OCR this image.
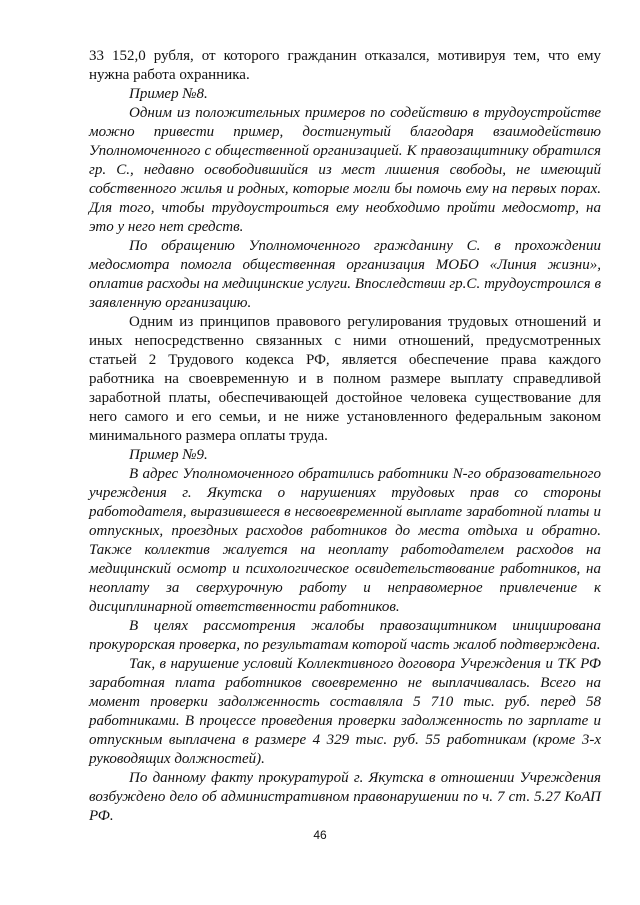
33 152,0 рубля, от которого гражданин отказался, мотивируя тем, что ему нужна работа охранника.

Пример №8.

Одним из положительных примеров по содействию в трудоустройстве можно привести пример, достигнутый благодаря взаимодействию Уполномоченного с общественной организацией. К правозащитнику обратился гр. С., недавно освободившийся из мест лишения свободы, не имеющий собственного жилья и родных, которые могли бы помочь ему на первых порах. Для того, чтобы трудоустроиться ему необходимо пройти медосмотр, на это у него нет средств.

По обращению Уполномоченного гражданину С. в прохождении медосмотра помогла общественная организация МОБО «Линия жизни», оплатив расходы на медицинские услуги. Впоследствии гр.С. трудоустроился в заявленную организацию.

Одним из принципов правового регулирования трудовых отношений и иных непосредственно связанных с ними отношений, предусмотренных статьей 2 Трудового кодекса РФ, является обеспечение права каждого работника на своевременную и в полном размере выплату справедливой заработной платы, обеспечивающей достойное человека существование для него самого и его семьи, и не ниже установленного федеральным законом минимального размера оплаты труда.

Пример №9.

В адрес Уполномоченного обратились работники N-го образовательного учреждения г. Якутска о нарушениях трудовых прав со стороны работодателя, выразившееся в несвоевременной выплате заработной платы и отпускных, проездных расходов работников до места отдыха и обратно. Также коллектив жалуется на неоплату работодателем расходов на медицинский осмотр и психологическое освидетельствование работников, на неоплату за сверхурочную работу и неправомерное привлечение к дисциплинарной ответственности работников.

В целях рассмотрения жалобы правозащитником инициирована прокурорская проверка, по результатам которой часть жалоб подтверждена.

Так, в нарушение условий Коллективного договора Учреждения и ТК РФ заработная плата работников своевременно не выплачивалась. Всего на момент проверки задолженность составляла 5 710 тыс. руб. перед 58 работниками. В процессе проведения проверки задолженность по зарплате и отпускным выплачена в размере 4 329 тыс. руб. 55 работникам (кроме 3-х руководящих должностей).

По данному факту прокуратурой г. Якутска в отношении Учреждения возбуждено дело об административном правонарушении по ч. 7 ст. 5.27 КоАП РФ.

46
